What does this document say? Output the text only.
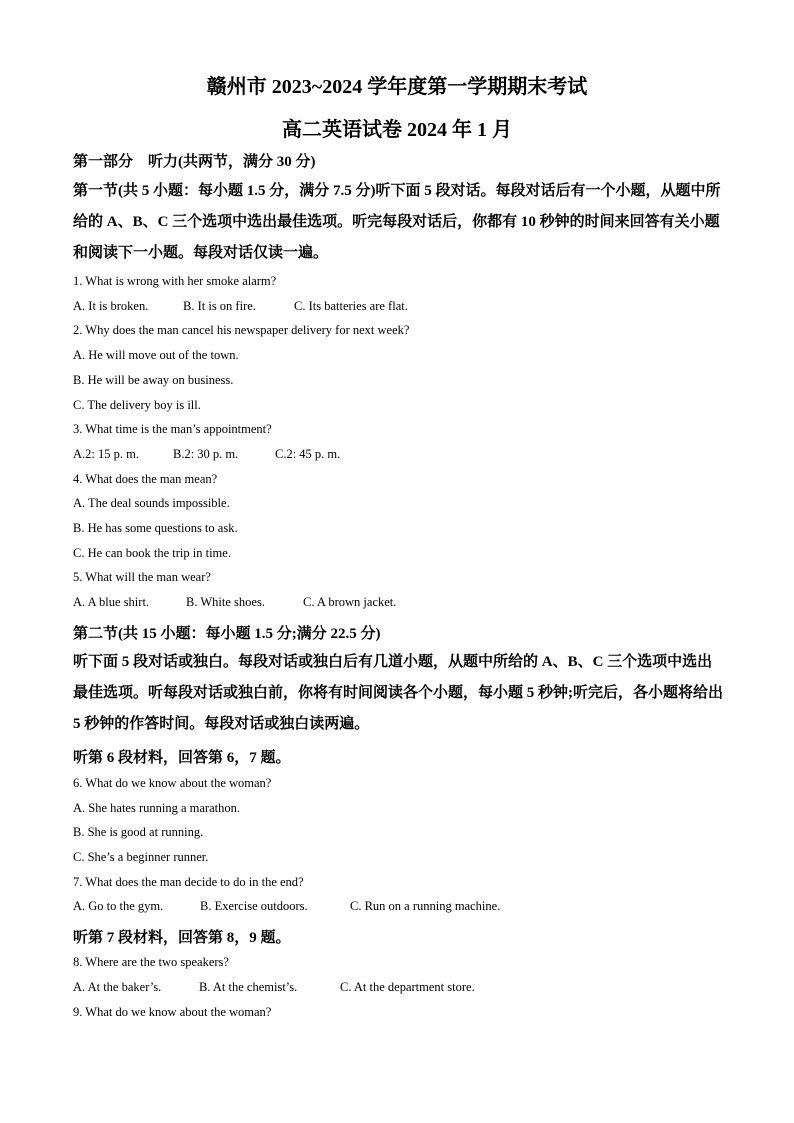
赣州市 2023~2024 学年度第一学期期末考试
高二英语试卷 2024 年 1 月
第一部分　听力(共两节，满分 30 分)
第一节(共 5 小题：每小题 1.5 分，满分 7.5 分)听下面 5 段对话。每段对话后有一个小题，从题中所给的 A、B、C 三个选项中选出最佳选项。听完每段对话后，你都有 10 秒钟的时间来回答有关小题和阅读下一小题。每段对话仅读一遍。
1. What is wrong with her smoke alarm?
A. It is broken.	B. It is on fire.	C. Its batteries are flat.
2. Why does the man cancel his newspaper delivery for next week?
A. He will move out of the town.
B. He will be away on business.
C. The delivery boy is ill.
3. What time is the man’s appointment?
A.2: 15 p. m.	B.2: 30 p. m.	C.2: 45 p. m.
4. What does the man mean?
A. The deal sounds impossible.
B. He has some questions to ask.
C. He can book the trip in time.
5. What will the man wear?
A. A blue shirt.	B. White shoes.	C. A brown jacket.
第二节(共 15 小题：每小题 1.5 分;满分 22.5 分)
听下面 5 段对话或独白。每段对话或独白后有几道小题，从题中所给的 A、B、C 三个选项中选出最佳选项。听每段对话或独白前，你将有时间阅读各个小题，每小题 5 秒钟;听完后，各小题将给出 5 秒钟的作答时间。每段对话或独白读两遍。
听第 6 段材料，回答第 6，7 题。
6. What do we know about the woman?
A. She hates running a marathon.
B. She is good at running.
C. She’s a beginner runner.
7. What does the man decide to do in the end?
A. Go to the gym.	B. Exercise outdoors.	C. Run on a running machine.
听第 7 段材料，回答第 8，9 题。
8. Where are the two speakers?
A. At the baker’s.	B. At the chemist’s.	C. At the department store.
9. What do we know about the woman?
